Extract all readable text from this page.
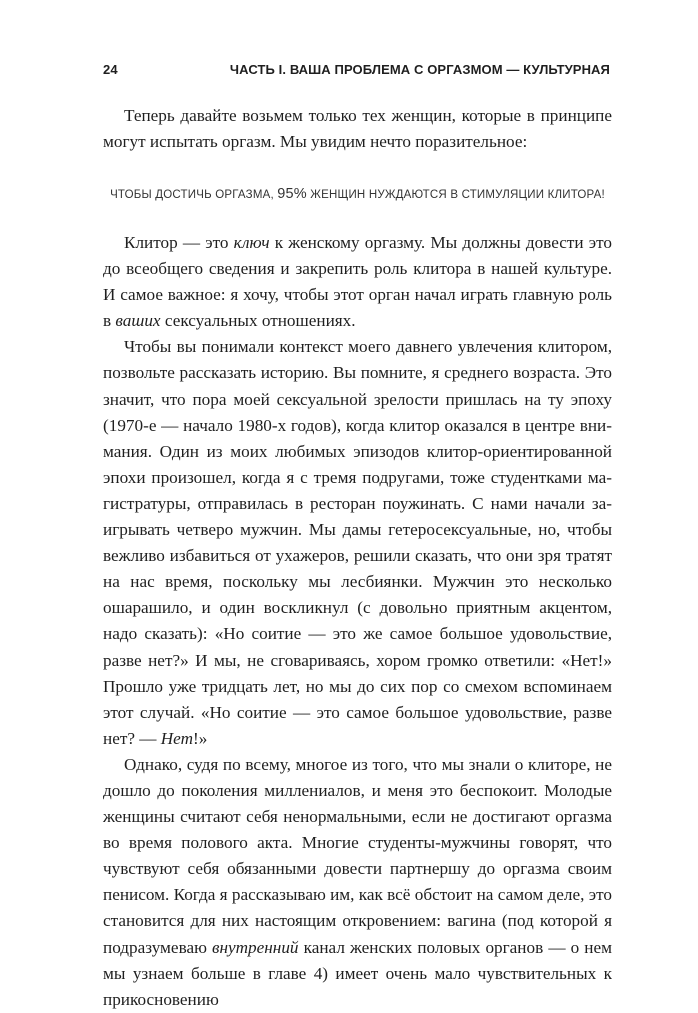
24	ЧАСТЬ I. ВАША ПРОБЛЕМА С ОРГАЗМОМ — КУЛЬТУРНАЯ

Теперь давайте возьмем только тех женщин, которые в принципе могут испытать оргазм. Мы увидим нечто поразительное:

ЧТОБЫ ДОСТИЧЬ ОРГАЗМА, 95% ЖЕНЩИН НУЖДАЮТСЯ В СТИМУЛЯЦИИ КЛИТОРА!

Клитор — это ключ к женскому оргазму. Мы должны довести это до всеобщего сведения и закрепить роль клитора в нашей культуре. И самое важное: я хочу, чтобы этот орган начал играть главную роль в ваших сексуальных отношениях.

Чтобы вы понимали контекст моего давнего увлечения клитором, позвольте рассказать историю. Вы помните, я среднего возраста. Это значит, что пора моей сексуальной зрелости пришлась на ту эпоху (1970-е — начало 1980-х годов), когда клитор оказался в центре внимания. Один из моих любимых эпизодов клитор-ориентированной эпохи произошел, когда я с тремя подругами, тоже студентками магистратуры, отправилась в ресторан поужинать. С нами начали заигрывать четверо мужчин. Мы дамы гетеросексуальные, но, чтобы вежливо избавиться от ухажеров, решили сказать, что они зря тратят на нас время, поскольку мы лесбиянки. Мужчин это несколько ошарашило, и один воскликнул (с довольно приятным акцентом, надо сказать): «Но соитие — это же самое большое удовольствие, разве нет?» И мы, не сговариваясь, хором громко ответили: «Нет!» Прошло уже тридцать лет, но мы до сих пор со смехом вспоминаем этот случай. «Но соитие — это самое большое удовольствие, разве нет? — Нет!»

Однако, судя по всему, многое из того, что мы знали о клиторе, не дошло до поколения миллениалов, и меня это беспокоит. Молодые женщины считают себя ненормальными, если не достигают оргазма во время полового акта. Многие студенты-мужчины говорят, что чувствуют себя обязанными довести партнершу до оргазма своим пенисом. Когда я рассказываю им, как всё обстоит на самом деле, это становится для них настоящим откровением: вагина (под которой я подразумеваю внутренний канал женских половых органов — о нем мы узнаем больше в главе 4) имеет очень мало чувствительных к прикосновению
